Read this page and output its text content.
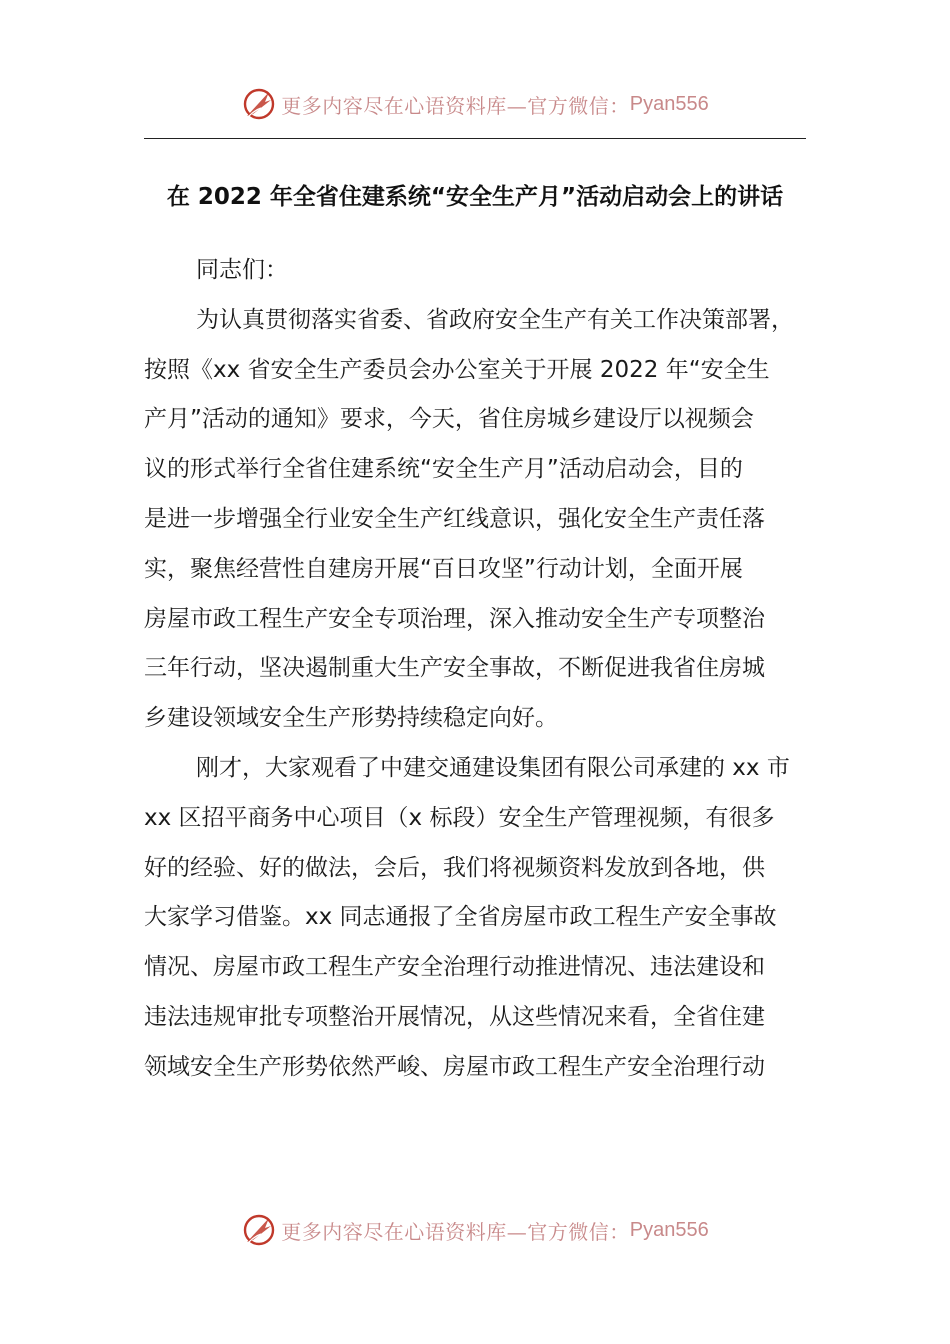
更多内容尽在心语资料库—官方微信： Pyan556
在 2022 年全省住建系统“安全生产月”活动启动会上的讲话
同志们：
为认真贯彻落实省委、省政府安全生产有关工作决策部署，
按照《xx 省安全生产委员会办公室关于开展 2022 年“安全生
产月”活动的通知》要求，今天，省住房城乡建设厅以视频会
议的形式举行全省住建系统“安全生产月”活动启动会，目的
是进一步增强全行业安全生产红线意识，强化安全生产责任落
实，聚焦经营性自建房开展“百日攻坚”行动计划，全面开展
房屋市政工程生产安全专项治理，深入推动安全生产专项整治
三年行动，坚决遏制重大生产安全事故，不断促进我省住房城
乡建设领域安全生产形势持续稳定向好。
刚才，大家观看了中建交通建设集团有限公司承建的 xx 市
xx 区招平商务中心项目（x 标段）安全生产管理视频，有很多
好的经验、好的做法，会后，我们将视频资料发放到各地，供
大家学习借鉴。xx 同志通报了全省房屋市政工程生产安全事故
情况、房屋市政工程生产安全治理行动推进情况、违法建设和
违法违规审批专项整治开展情况，从这些情况来看，全省住建
领域安全生产形势依然严峻、房屋市政工程生产安全治理行动
更多内容尽在心语资料库—官方微信： Pyan556
